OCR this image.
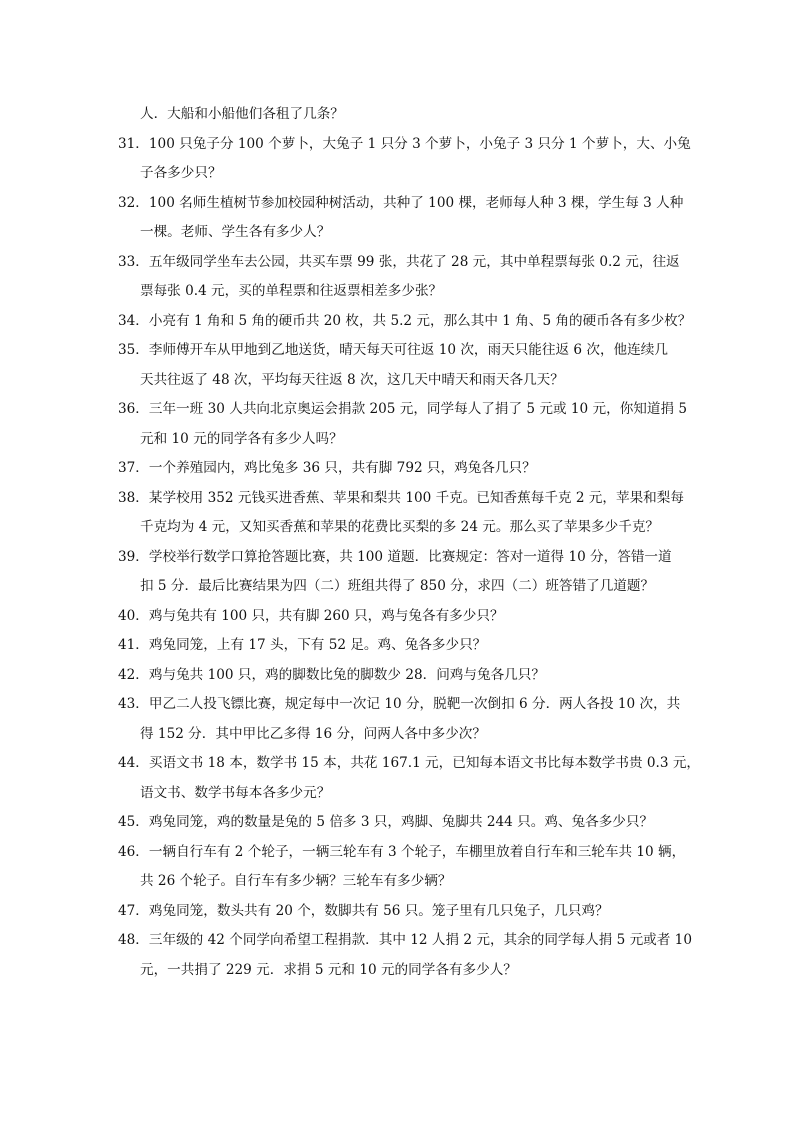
人．大船和小船他们各租了几条？
31．100 只兔子分 100 个萝卜，大兔子 1 只分 3 个萝卜，小兔子 3 只分 1 个萝卜，大、小兔
子各多少只？
32．100 名师生植树节参加校园种树活动，共种了 100 棵，老师每人种 3 棵，学生每 3 人种
一棵。老师、学生各有多少人？
33．五年级同学坐车去公园，共买车票 99 张，共花了 28 元，其中单程票每张 0.2 元，往返
票每张 0.4 元，买的单程票和往返票相差多少张？
34．小亮有 1 角和 5 角的硬币共 20 枚，共 5.2 元，那么其中 1 角、5 角的硬币各有多少枚？
35．李师傅开车从甲地到乙地送货，晴天每天可往返 10 次，雨天只能往返 6 次，他连续几
天共往返了 48 次，平均每天往返 8 次，这几天中晴天和雨天各几天？
36．三年一班 30 人共向北京奥运会捐款 205 元，同学每人了捐了 5 元或 10 元，你知道捐 5
元和 10 元的同学各有多少人吗？
37．一个养殖园内，鸡比兔多 36 只，共有脚 792 只，鸡兔各几只？
38．某学校用 352 元钱买进香蕉、苹果和梨共 100 千克。已知香蕉每千克 2 元，苹果和梨每
千克均为 4 元，又知买香蕉和苹果的花费比买梨的多 24 元。那么买了苹果多少千克？
39．学校举行数学口算抢答题比赛，共 100 道题．比赛规定：答对一道得 10 分，答错一道
扣 5 分．最后比赛结果为四（二）班组共得了 850 分，求四（二）班答错了几道题？
40．鸡与兔共有 100 只，共有脚 260 只，鸡与兔各有多少只？
41．鸡兔同笼，上有 17 头，下有 52 足。鸡、兔各多少只？
42．鸡与兔共 100 只，鸡的脚数比兔的脚数少 28．问鸡与兔各几只？
43．甲乙二人投飞镖比赛，规定每中一次记 10 分，脱靶一次倒扣 6 分．两人各投 10 次，共
得 152 分．其中甲比乙多得 16 分，问两人各中多少次？
44．买语文书 18 本，数学书 15 本，共花 167.1 元，已知每本语文书比每本数学书贵 0.3 元，
语文书、数学书每本各多少元？
45．鸡兔同笼，鸡的数量是兔的 5 倍多 3 只，鸡脚、兔脚共 244 只。鸡、兔各多少只？
46．一辆自行车有 2 个轮子，一辆三轮车有 3 个轮子，车棚里放着自行车和三轮车共 10 辆，
共 26 个轮子。自行车有多少辆？三轮车有多少辆？
47．鸡兔同笼，数头共有 20 个，数脚共有 56 只。笼子里有几只兔子，几只鸡？
48．三年级的 42 个同学向希望工程捐款．其中 12 人捐 2 元，其余的同学每人捐 5 元或者 10
元，一共捐了 229 元．求捐 5 元和 10 元的同学各有多少人？
